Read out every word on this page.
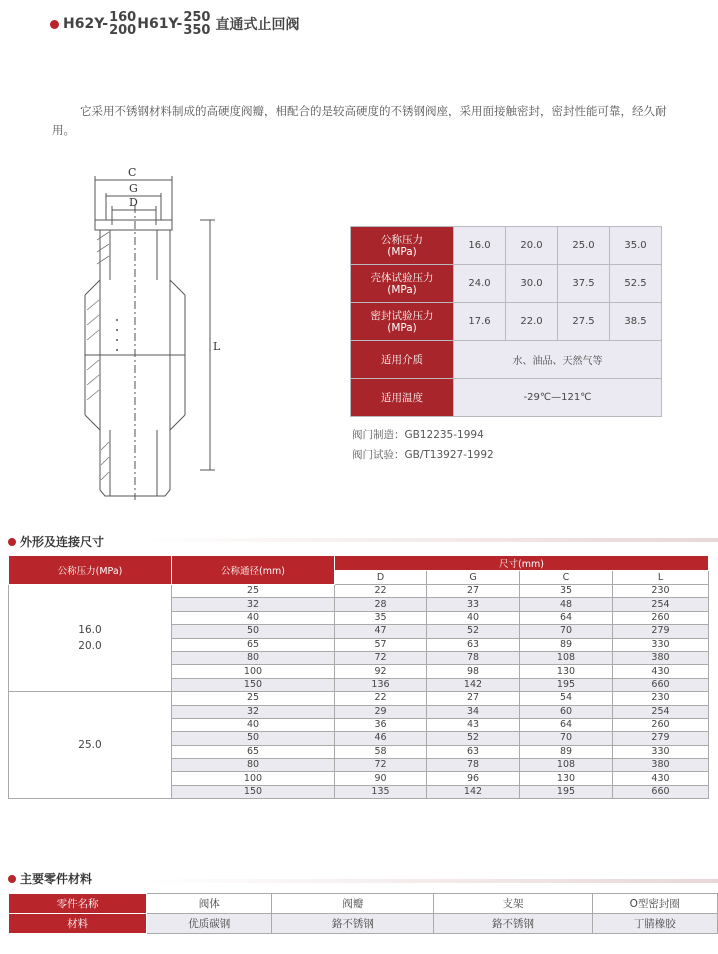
H62Y- 160
200 H61Y- 250
350 直通式止回阀
它采用不锈钢材料制成的高硬度阀瓣，相配合的是较高硬度的不锈钢阀座，采用面接触密封，密封性能可靠，经久耐用。
C
G
D
L
公称压力
(MPa)	16.0	20.0	25.0	35.0
壳体试验压力
(MPa)	24.0	30.0	37.5	52.5
密封试验压力
(MPa)	17.6	22.0	27.5	38.5
适用介质	水、油品、天然气等			
适用温度	-29℃—121℃			
阀门制造：GB12235-1994
阀门试验：GB/T13927-1992
外形及连接尺寸
公称压力(MPa)	公称通径(mm)	尺寸(mm)			
		D	G	C	L

16.0
20.0	25	22	27	35	230
	32	28	33	48	254
	40	35	40	64	260
	50	47	52	70	279
	65	57	63	89	330
	80	72	78	108	380
	100	92	98	130	430
	150	136	142	195	660

25.0	25	22	27	54	230
	32	29	34	60	254
	40	36	43	64	260
	50	46	52	70	279
	65	58	63	89	330
	80	72	78	108	380
	100	90	96	130	430
	150	135	142	195	660
主要零件材料
零件名称	阀体	阀瓣	支架	O型密封圈
材料	优质碳钢	鉻不锈钢	鉻不锈钢	丁腈橡胶
